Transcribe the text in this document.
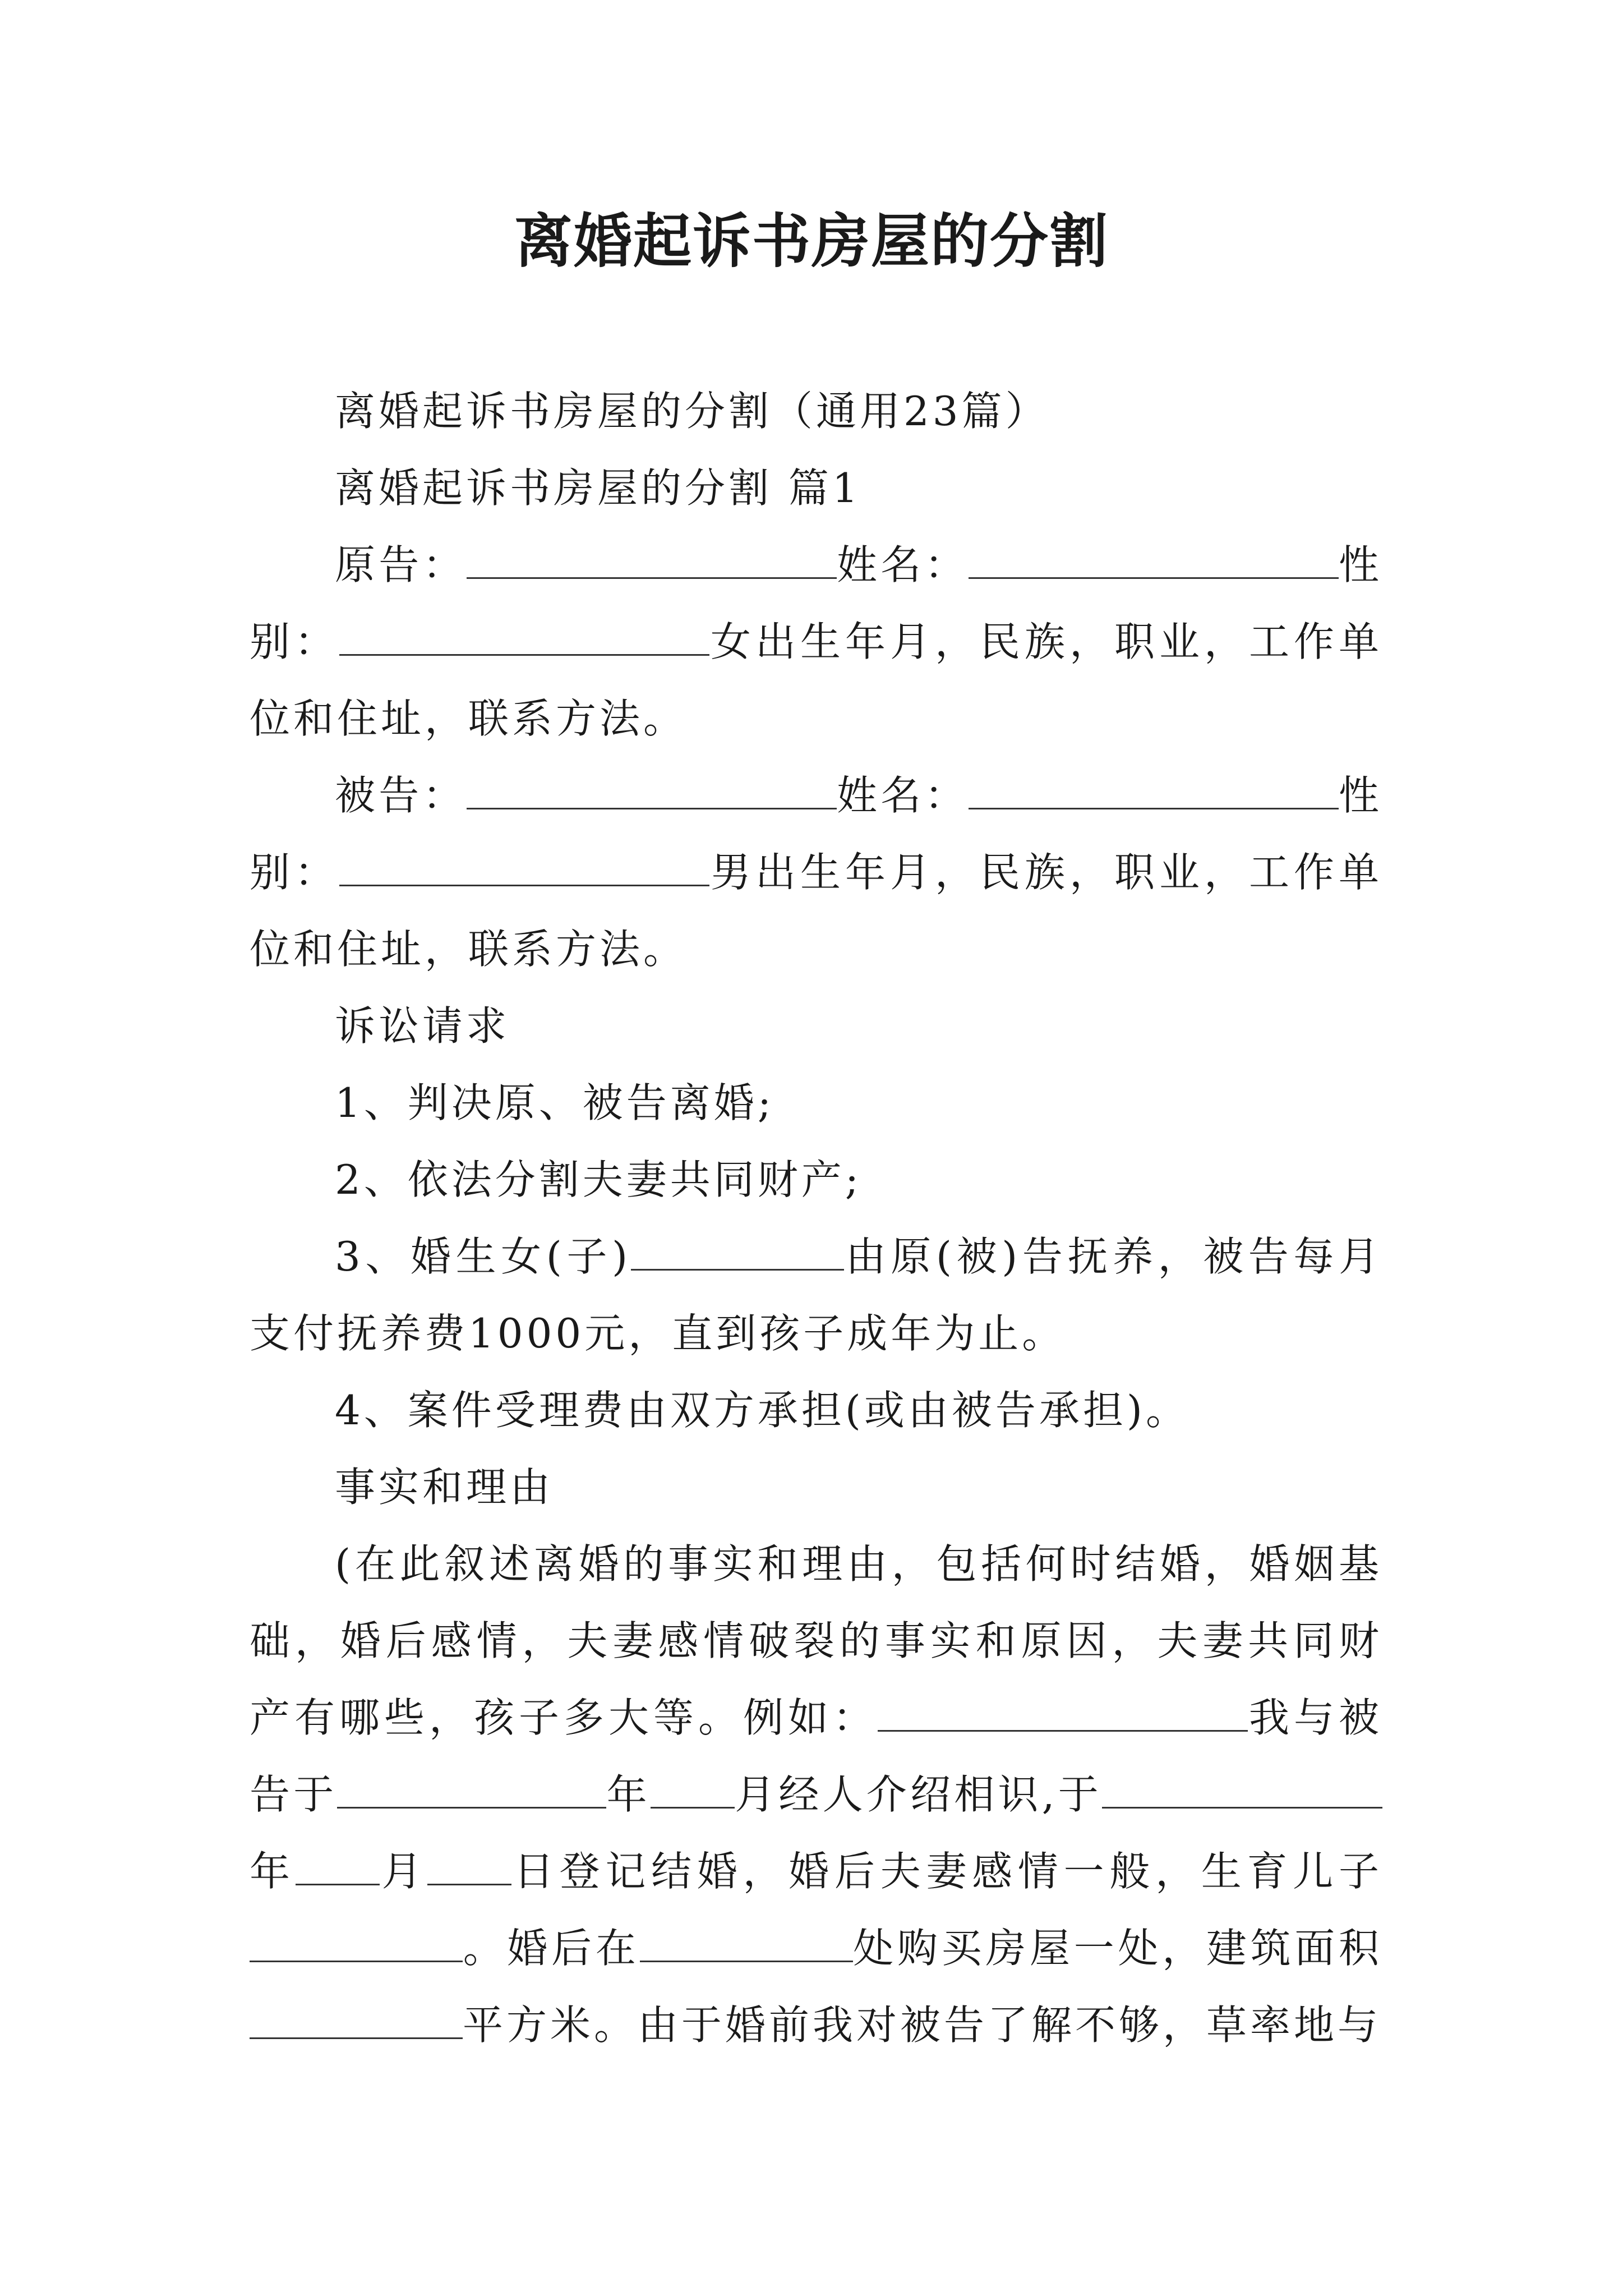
离婚起诉书房屋的分割

离婚起诉书房屋的分割（通用23篇）

离婚起诉书房屋的分割 篇1

原告：	姓名：	性别：	女出生年月，民族，职业，工作单位和住址，联系方法。

被告：	姓名：	性别：	男出生年月，民族，职业，工作单位和住址，联系方法。

诉讼请求

1、判决原、被告离婚;

2、依法分割夫妻共同财产;

3、婚生女(子)	由原(被)告抚养，被告每月支付抚养费1000元，直到孩子成年为止。

4、案件受理费由双方承担(或由被告承担)。

事实和理由

(在此叙述离婚的事实和理由，包括何时结婚，婚姻基础，婚后感情，夫妻感情破裂的事实和原因，夫妻共同财产有哪些，孩子多大等。例如：	我与被告于	年 月经人介绍相识,于年 月 日登记结婚，婚后夫妻感情一般，生育儿子。婚后在	处购买房屋一处，建筑面积平方米。由于婚前我对被告了解不够，草率地与
